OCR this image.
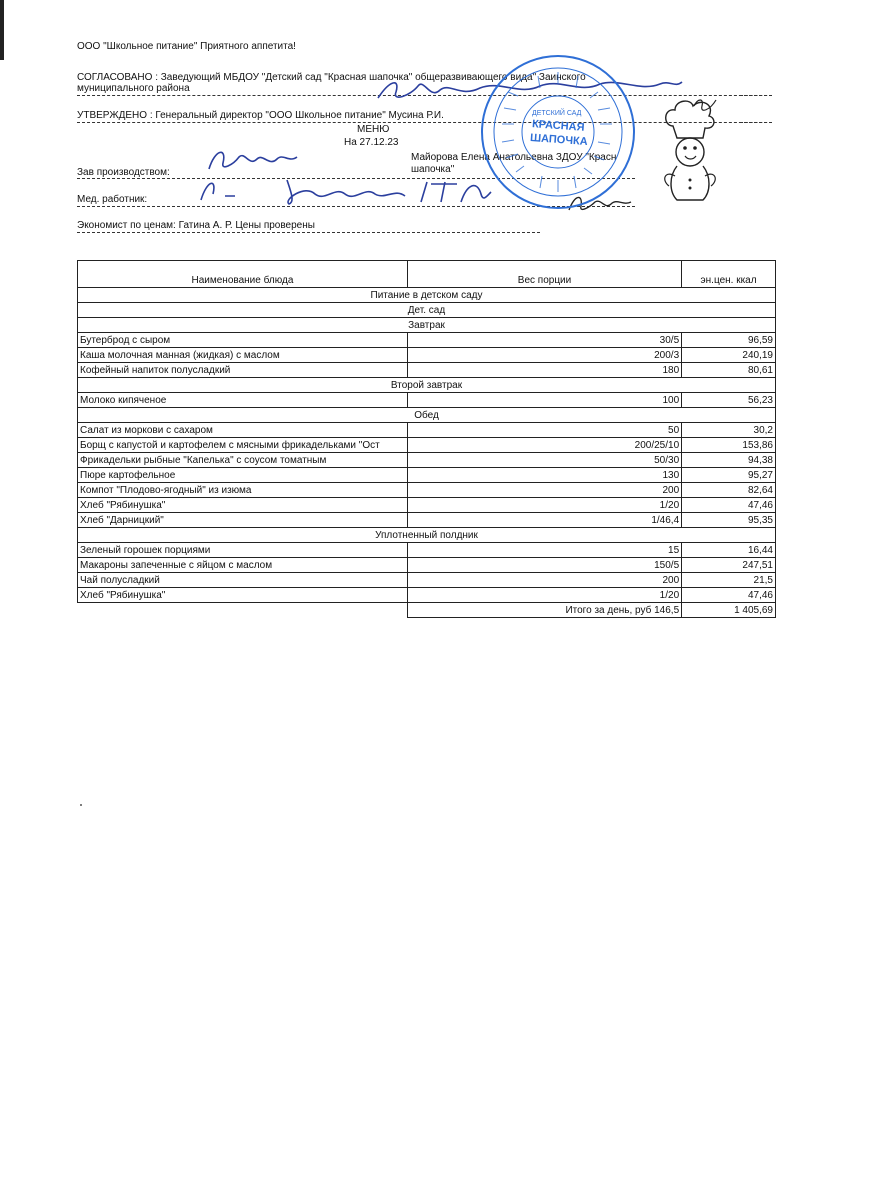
ООО "Школьное питание" Приятного аппетита!
СОГЛАСОВАНО : Заведующий МБДОУ "Детский сад "Красная шапочка" общеразвивающего вида" Заинского
муниципального района
УТВЕРЖДЕНО : Генеральный директор "ООО Школьное питание" Мусина Р.И.
МЕНЮ
На 27.12.23
Зав производством:
Майорова Елена Анатольевна ЗДОУ "Красн
шапочка"
Мед. работник:
Экономист по ценам: Гатина А. Р. Цены проверены
ДЕТСКИЙ САД
КРАСНАЯ
ШАПОЧКА
Наименование блюда	Вес порции	эн.цен. ккал
Питание в детском саду		
Дет. сад		
Завтрак		
Бутерброд с сыром	30/5	96,59
Каша молочная манная (жидкая) с маслом	200/3	240,19
Кофейный напиток полусладкий	180	80,61
Второй завтрак		
Молоко кипяченое	100	56,23
Обед		
Салат из моркови с сахаром	50	30,2
Борщ с капустой и картофелем с мясными фрикадельками "Ост	200/25/10	153,86
Фрикадельки рыбные "Капелька" с соусом томатным	50/30	94,38
Пюре картофельное	130	95,27
Компот "Плодово-ягодный" из изюма	200	82,64
Хлеб "Рябинушка"	1/20	47,46
Хлеб "Дарницкий"	1/46,4	95,35
Уплотненный полдник		
Зеленый горошек порциями	15	16,44
Макароны запеченные с яйцом с маслом	150/5	247,51
Чай полусладкий	200	21,5
Хлеб "Рябинушка"	1/20	47,46
	Итого за день, руб 146,5	1 405,69
